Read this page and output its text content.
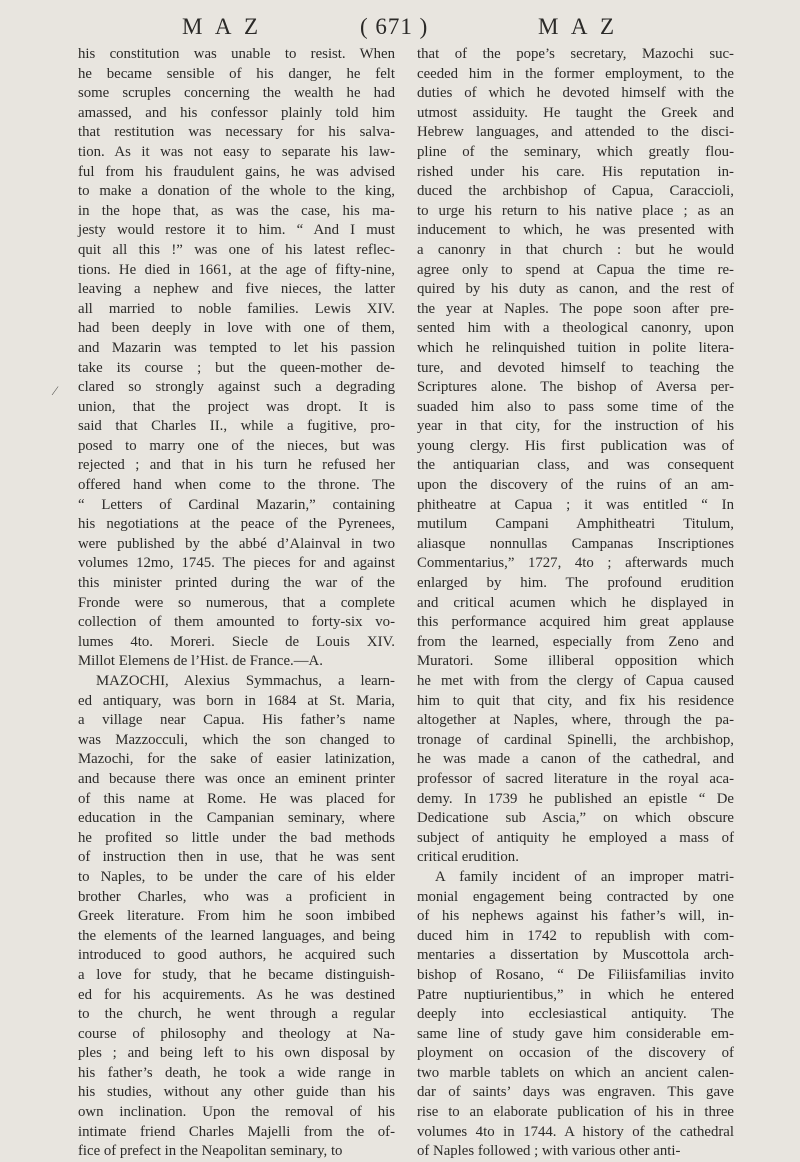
M A Z	( 671 )	M A Z
his constitution was unable to resist. When
he became sensible of his danger, he felt
some scruples concerning the wealth he had
amassed, and his confessor plainly told him
that restitution was necessary for his salva-
tion. As it was not easy to separate his law-
ful from his fraudulent gains, he was advised
to make a donation of the whole to the king,
in the hope that, as was the case, his ma-
jesty would restore it to him. “ And I must
quit all this !” was one of his latest reflec-
tions. He died in 1661, at the age of fifty-nine,
leaving a nephew and five nieces, the latter
all married to noble families. Lewis XIV.
had been deeply in love with one of them,
and Mazarin was tempted to let his passion
take its course ; but the queen-mother de-
clared so strongly against such a degrading
union, that the project was dropt. It is
said that Charles II., while a fugitive, pro-
posed to marry one of the nieces, but was
rejected ; and that in his turn he refused her
offered hand when come to the throne. The
“ Letters of Cardinal Mazarin,” containing
his negotiations at the peace of the Pyrenees,
were published by the abbé d’Alainval in two
volumes 12mo, 1745. The pieces for and against
this minister printed during the war of the
Fronde were so numerous, that a complete
collection of them amounted to forty-six vo-
lumes 4to. Moreri. Siecle de Louis XIV.
Millot Elemens de l’Hist. de France.—A.
MAZOCHI, Alexius Symmachus, a learn-
ed antiquary, was born in 1684 at St. Maria,
a village near Capua. His father’s name
was Mazzocculi, which the son changed to
Mazochi, for the sake of easier latinization,
and because there was once an eminent printer
of this name at Rome. He was placed for
education in the Campanian seminary, where
he profited so little under the bad methods
of instruction then in use, that he was sent
to Naples, to be under the care of his elder
brother Charles, who was a proficient in
Greek literature. From him he soon imbibed
the elements of the learned languages, and being
introduced to good authors, he acquired such
a love for study, that he became distinguish-
ed for his acquirements. As he was destined
to the church, he went through a regular
course of philosophy and theology at Na-
ples ; and being left to his own disposal by
his father’s death, he took a wide range in
his studies, without any other guide than his
own inclination. Upon the removal of his
intimate friend Charles Majelli from the of-
fice of prefect in the Neapolitan seminary, to
that of the pope’s secretary, Mazochi suc-
ceeded him in the former employment, to the
duties of which he devoted himself with the
utmost assiduity. He taught the Greek and
Hebrew languages, and attended to the disci-
pline of the seminary, which greatly flou-
rished under his care. His reputation in-
duced the archbishop of Capua, Caraccioli,
to urge his return to his native place ; as an
inducement to which, he was presented with
a canonry in that church : but he would
agree only to spend at Capua the time re-
quired by his duty as canon, and the rest of
the year at Naples. The pope soon after pre-
sented him with a theological canonry, upon
which he relinquished tuition in polite litera-
ture, and devoted himself to teaching the
Scriptures alone. The bishop of Aversa per-
suaded him also to pass some time of the
year in that city, for the instruction of his
young clergy. His first publication was of
the antiquarian class, and was consequent
upon the discovery of the ruins of an am-
phitheatre at Capua ; it was entitled “ In
mutilum Campani Amphitheatri Titulum,
aliasque nonnullas Campanas Inscriptiones
Commentarius,” 1727, 4to ; afterwards much
enlarged by him. The profound erudition
and critical acumen which he displayed in
this performance acquired him great applause
from the learned, especially from Zeno and
Muratori. Some illiberal opposition which
he met with from the clergy of Capua caused
him to quit that city, and fix his residence
altogether at Naples, where, through the pa-
tronage of cardinal Spinelli, the archbishop,
he was made a canon of the cathedral, and
professor of sacred literature in the royal aca-
demy. In 1739 he published an epistle “ De
Dedicatione sub Ascia,” on which obscure
subject of antiquity he employed a mass of
critical erudition.
A family incident of an improper matri-
monial engagement being contracted by one
of his nephews against his father’s will, in-
duced him in 1742 to republish with com-
mentaries a dissertation by Muscottola arch-
bishop of Rosano, “ De Filiisfamilias invito
Patre nuptiurientibus,” in which he entered
deeply into ecclesiastical antiquity. The
same line of study gave him considerable em-
ployment on occasion of the discovery of
two marble tablets on which an ancient calen-
dar of saints’ days was engraven. This gave
rise to an elaborate publication of his in three
volumes 4to in 1744. A history of the cathedral
of Naples followed ; with various other anti-
∕
